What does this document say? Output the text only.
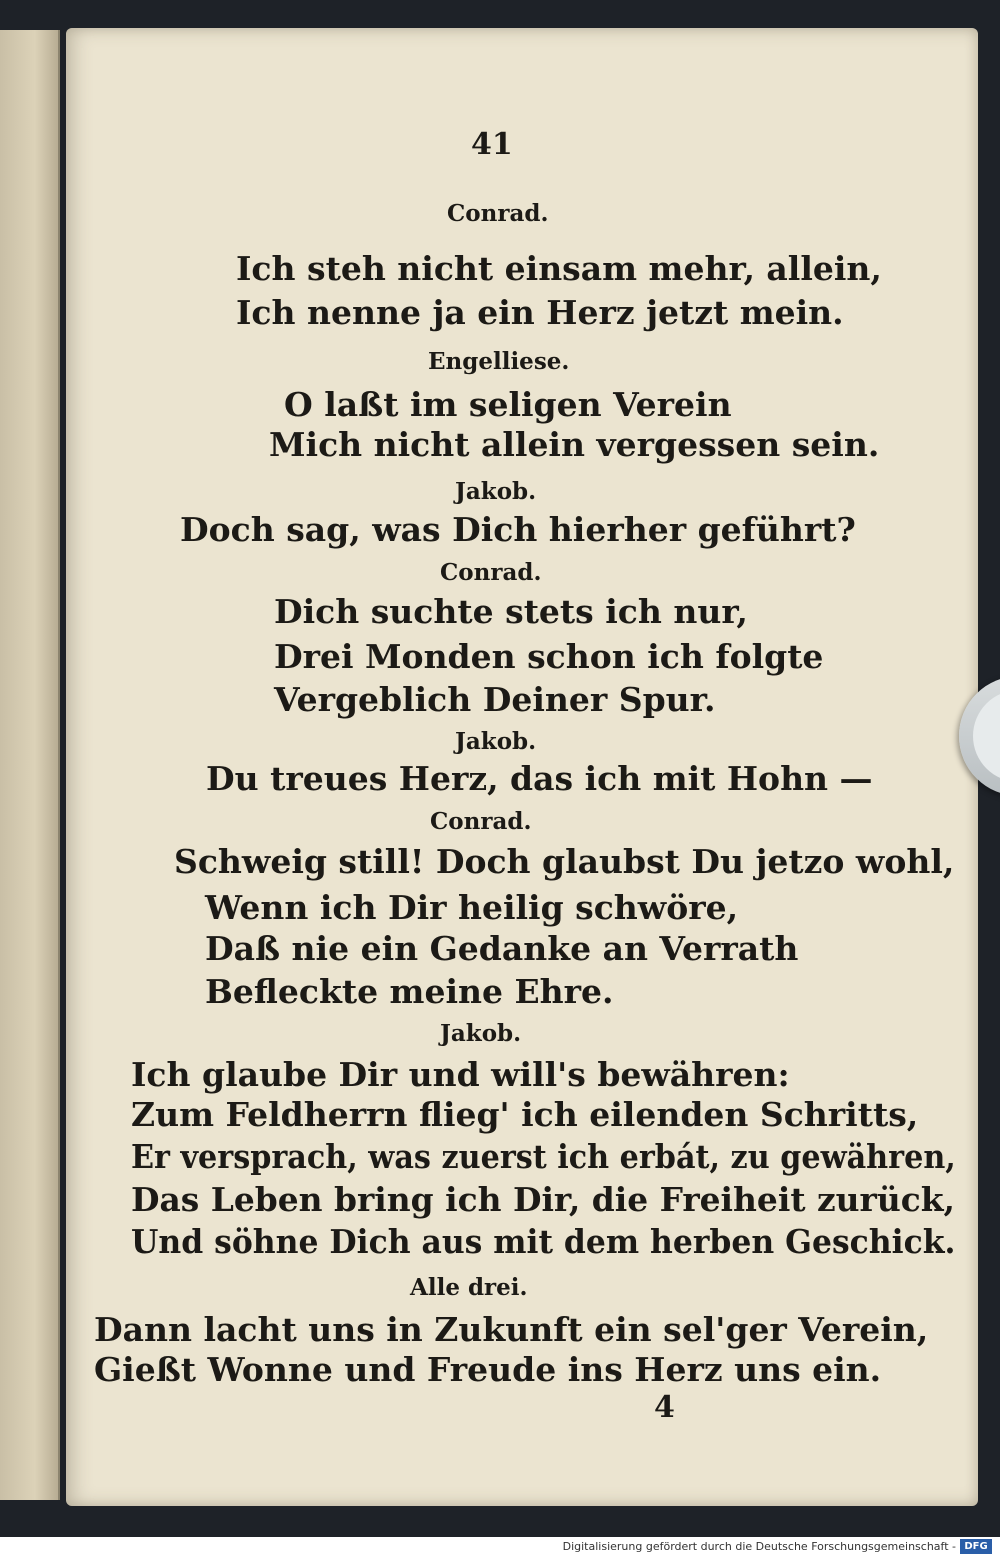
41
Conrad.
Ich steh nicht einsam mehr, allein,
Ich nenne ja ein Herz jetzt mein.
Engelliese.
O laßt im seligen Verein
Mich nicht allein vergessen sein.
Jakob.
Doch sag, was Dich hierher geführt?
Conrad.
Dich suchte stets ich nur,
Drei Monden schon ich folgte
Vergeblich Deiner Spur.
Jakob.
Du treues Herz, das ich mit Hohn —
Conrad.
Schweig still! Doch glaubst Du jetzo wohl,
Wenn ich Dir heilig schwöre,
Daß nie ein Gedanke an Verrath
Befleckte meine Ehre.
Jakob.
Ich glaube Dir und will's bewähren:
Zum Feldherrn flieg' ich eilenden Schritts,
Er versprach, was zuerst ich erbát, zu gewähren,
Das Leben bring ich Dir, die Freiheit zurück,
Und söhne Dich aus mit dem herben Geschick.
Alle drei.
Dann lacht uns in Zukunft ein sel'ger Verein,
Gießt Wonne und Freude ins Herz uns ein.
4
Digitalisierung gefördert durch die Deutsche Forschungsgemeinschaft - DFG
